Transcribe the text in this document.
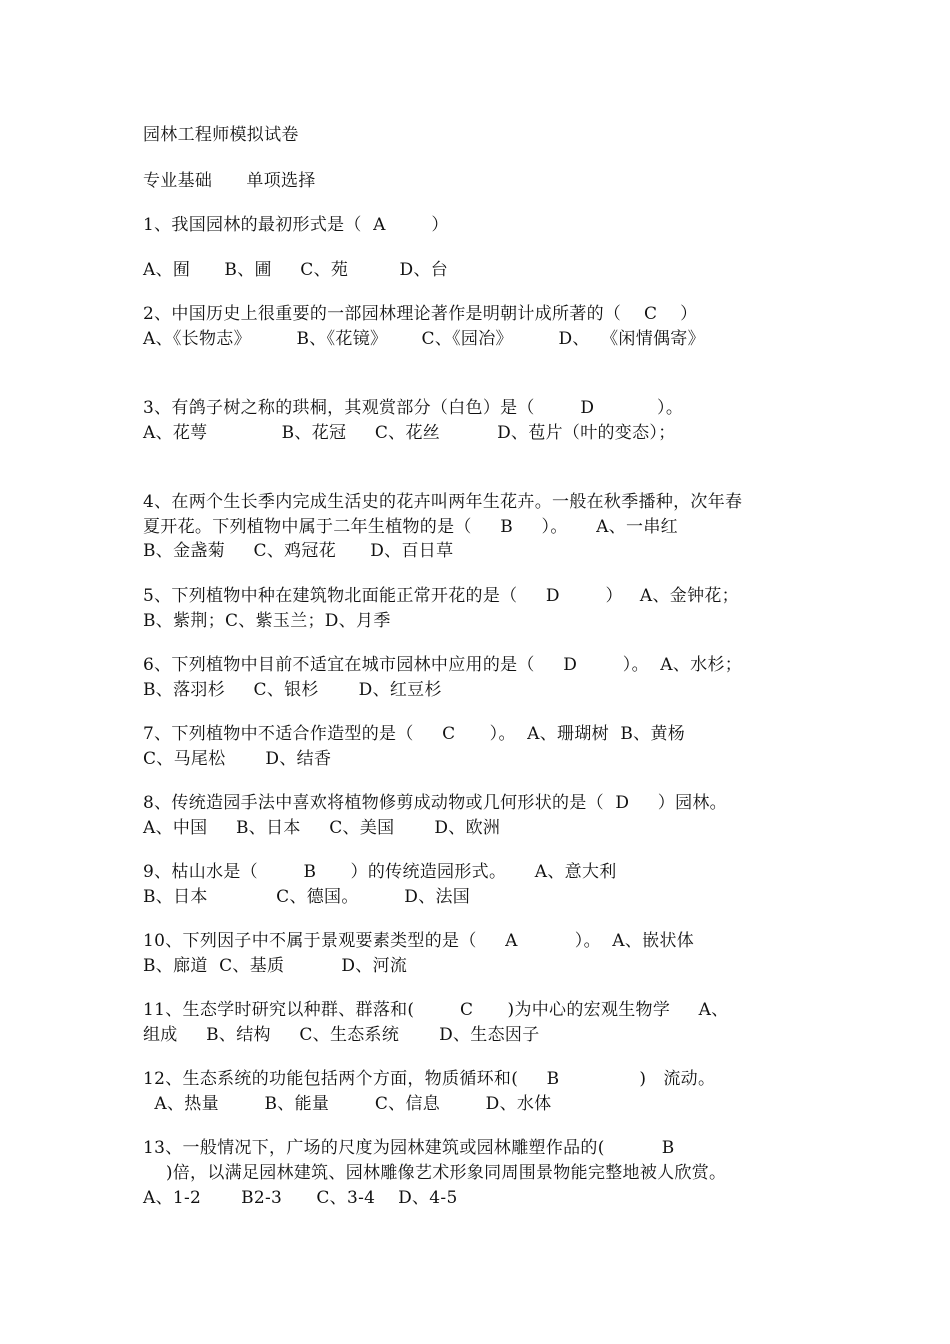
园林工程师模拟试卷
专业基础      单项选择
1、我国园林的最初形式是（  A        ）
A、囿      B、圃     C、苑         D、台
2、中国历史上很重要的一部园林理论著作是明朝计成所著的（    C    ）
A、《长物志》        B、《花镜》      C、《园冶》        D、  《闲情偶寄》
3、有鸽子树之称的珙桐，其观赏部分（白色）是（        D           ）。
A、花萼             B、花冠     C、花丝          D、苞片（叶的变态）；
4、在两个生长季内完成生活史的花卉叫两年生花卉。一般在秋季播种，次年春
夏开花。下列植物中属于二年生植物的是（     B     ）。     A、一串红
B、金盏菊     C、鸡冠花      D、百日草
5、下列植物中种在建筑物北面能正常开花的是（     D        ）   A、金钟花；
B、紫荆；C、紫玉兰；D、月季
6、下列植物中目前不适宜在城市园林中应用的是（     D        ）。  A、水杉；
B、落羽杉     C、银杉       D、红豆杉
7、下列植物中不适合作造型的是（     C      ）。  A、珊瑚树  B、黄杨
C、马尾松       D、结香
8、传统造园手法中喜欢将植物修剪成动物或几何形状的是（  D     ）园林。
A、中国     B、日本     C、美国       D、欧洲
9、枯山水是（        B      ）的传统造园形式。     A、意大利
B、日本            C、德国。        D、法国
10、下列因子中不属于景观要素类型的是（     A          ）。  A、嵌状体
B、廊道  C、基质          D、河流
11、生态学时研究以种群、群落和(        C      )为中心的宏观生物学     A、
组成     B、结构     C、生态系统       D、生态因子
12、生态系统的功能包括两个方面，物质循环和(     B              )   流动。
A、热量        B、能量        C、信息        D、水体
13、一般情况下，广场的尺度为园林建筑或园林雕塑作品的(          B
)倍，以满足园林建筑、园林雕像艺术形象同周围景物能完整地被人欣赏。
A、1-2       B2-3      C、3-4    D、4-5
